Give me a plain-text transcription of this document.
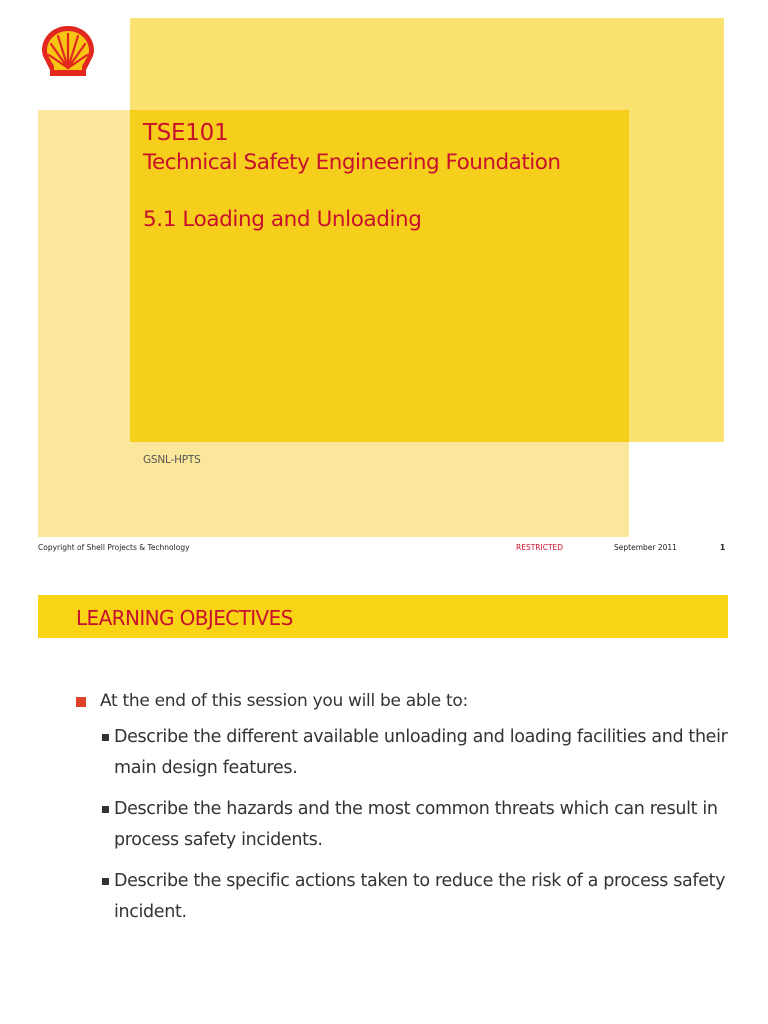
TSE101
Technical Safety Engineering Foundation
5.1 Loading and Unloading
GSNL-HPTS
Copyright of Shell Projects & Technology	RESTRICTED	September 2011	1
LEARNING OBJECTIVES
At the end of this session you will be able to:
Describe the different available unloading and loading facilities and their main design features.
Describe the hazards and the most common threats which can result in process safety incidents.
Describe the specific actions taken to reduce the risk of a process safety incident.
